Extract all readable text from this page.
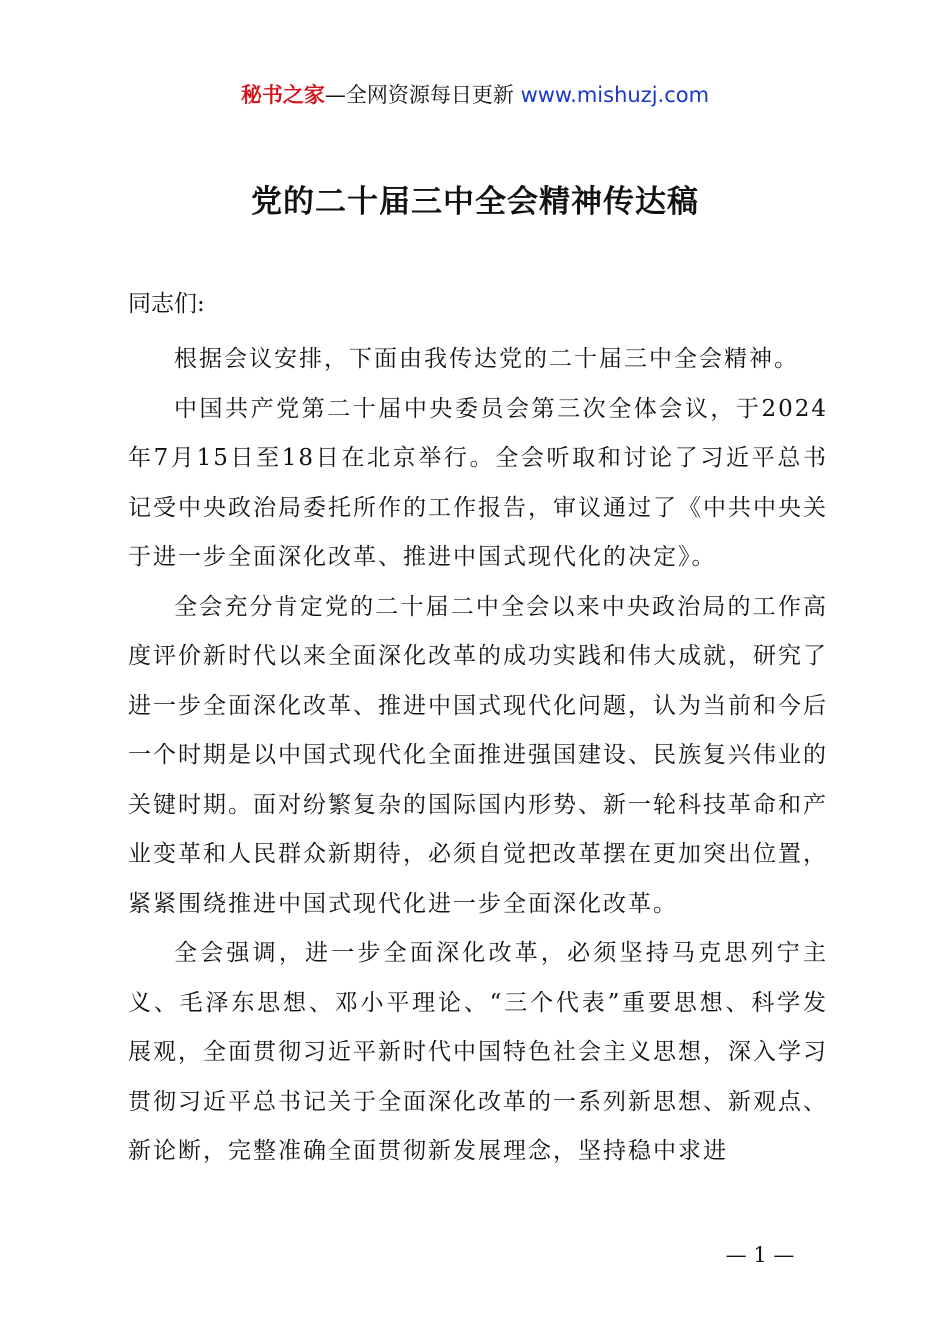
秘书之家—全网资源每日更新 www.mishuzj.com
党的二十届三中全会精神传达稿
同志们:

根据会议安排，下面由我传达党的二十届三中全会精神。

中国共产党第二十届中央委员会第三次全体会议，于2024年7月15日至18日在北京举行。全会听取和讨论了习近平总书记受中央政治局委托所作的工作报告，审议通过了《中共中央关于进一步全面深化改革、推进中国式现代化的决定》。

全会充分肯定党的二十届二中全会以来中央政治局的工作高度评价新时代以来全面深化改革的成功实践和伟大成就，研究了进一步全面深化改革、推进中国式现代化问题，认为当前和今后一个时期是以中国式现代化全面推进强国建设、民族复兴伟业的关键时期。面对纷繁复杂的国际国内形势、新一轮科技革命和产业变革和人民群众新期待，必须自觉把改革摆在更加突出位置，紧紧围绕推进中国式现代化进一步全面深化改革。

全会强调，进一步全面深化改革，必须坚持马克思列宁主义、毛泽东思想、邓小平理论、“三个代表”重要思想、科学发展观，全面贯彻习近平新时代中国特色社会主义思想，深入学习贯彻习近平总书记关于全面深化改革的一系列新思想、新观点、新论断，完整准确全面贯彻新发展理念，坚持稳中求进

— 1 —
